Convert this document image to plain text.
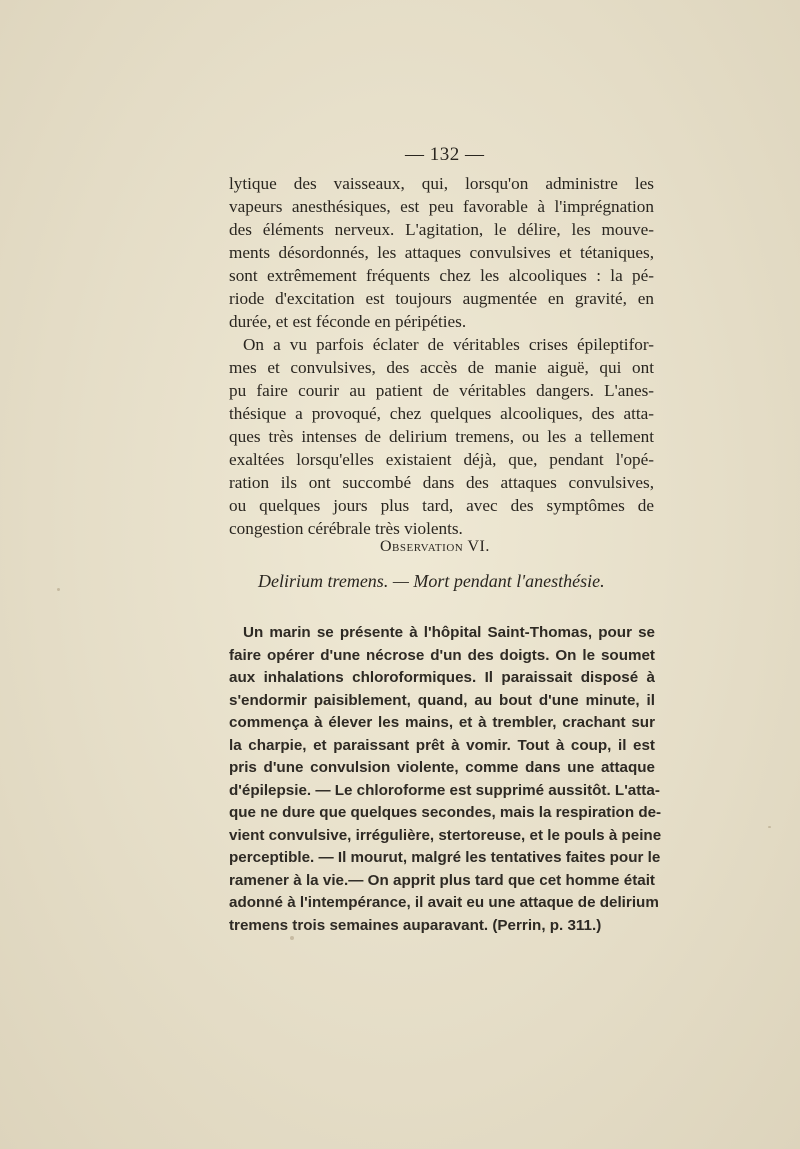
— 132 —
lytique des vaisseaux, qui, lorsqu'on administre les
vapeurs anesthésiques, est peu favorable à l'imprégnation
des éléments nerveux. L'agitation, le délire, les mouve-
ments désordonnés, les attaques convulsives et tétaniques,
sont extrêmement fréquents chez les alcooliques : la pé-
riode d'excitation est toujours augmentée en gravité, en
durée, et est féconde en péripéties.
On a vu parfois éclater de véritables crises épileptifor-
mes et convulsives, des accès de manie aiguë, qui ont
pu faire courir au patient de véritables dangers. L'anes-
thésique a provoqué, chez quelques alcooliques, des atta-
ques très intenses de delirium tremens, ou les a tellement
exaltées lorsqu'elles existaient déjà, que, pendant l'opé-
ration ils ont succombé dans des attaques convulsives,
ou quelques jours plus tard, avec des symptômes de
congestion cérébrale très violents.
Observation VI.
Delirium tremens. — Mort pendant l'anesthésie.
Un marin se présente à l'hôpital Saint-Thomas, pour se
faire opérer d'une nécrose d'un des doigts. On le soumet
aux inhalations chloroformiques. Il paraissait disposé à
s'endormir paisiblement, quand, au bout d'une minute, il
commença à élever les mains, et à trembler, crachant sur
la charpie, et paraissant prêt à vomir. Tout à coup, il est
pris d'une convulsion violente, comme dans une attaque
d'épilepsie. — Le chloroforme est supprimé aussitôt. L'atta-
que ne dure que quelques secondes, mais la respiration de-
vient convulsive, irrégulière, stertoreuse, et le pouls à peine
perceptible. — Il mourut, malgré les tentatives faites pour le
ramener à la vie.— On apprit plus tard que cet homme était
adonné à l'intempérance, il avait eu une attaque de delirium
tremens trois semaines auparavant. (Perrin, p. 311.)
